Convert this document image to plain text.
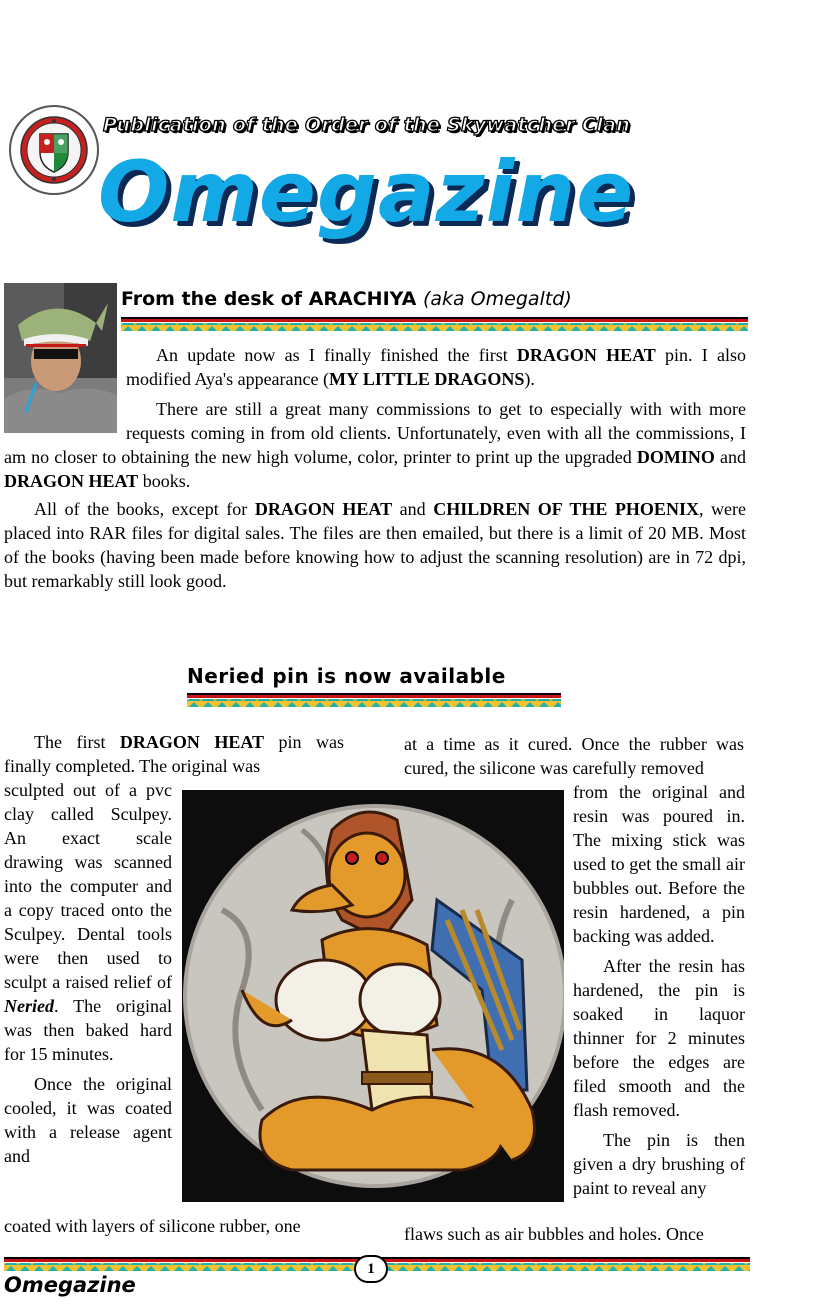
Publication of the Order of the Skywatcher Clan
Omegazine
From the desk of ARACHIYA (aka Omegaltd)

An update now as I finally finished the first DRAGON HEAT pin. I also modified Aya's appearance (MY LITTLE DRAGONS).

There are still a great many commissions to get to especially with with more requests coming in from old clients. Unfortunately, even with all the commissions, I am no closer to obtaining the new high volume, color, printer to print up the upgraded DOMINO and DRAGON HEAT books.

All of the books, except for DRAGON HEAT and CHILDREN OF THE PHOENIX, were placed into RAR files for digital sales. The files are then emailed, but there is a limit of 20 MB. Most of the books (having been made before knowing how to adjust the scanning resolution) are in 72 dpi, but remarkably still look good.

Neried pin is now available

The first DRAGON HEAT pin was finally completed. The original was

sculpted out of a pvc clay called Sculpey. An exact scale drawing was scanned into the computer and a copy traced onto the Sculpey. Dental tools were then used to sculpt a raised relief of Neried. The original was then baked hard for 15 minutes.

Once the original cooled, it was coated with a release agent and

coated with layers of silicone rubber, one

at a time as it cured. Once the rubber was cured, the silicone was carefully removed

from the original and resin was poured in. The mixing stick was used to get the small air bubbles out. Before the resin hardened, a pin backing was added.

After the resin has hardened, the pin is soaked in laquor thinner for 2 minutes before the edges are filed smooth and the flash removed.

The pin is then given a dry brushing of paint to reveal any

flaws such as air bubbles and holes. Once

1
Omegazine
